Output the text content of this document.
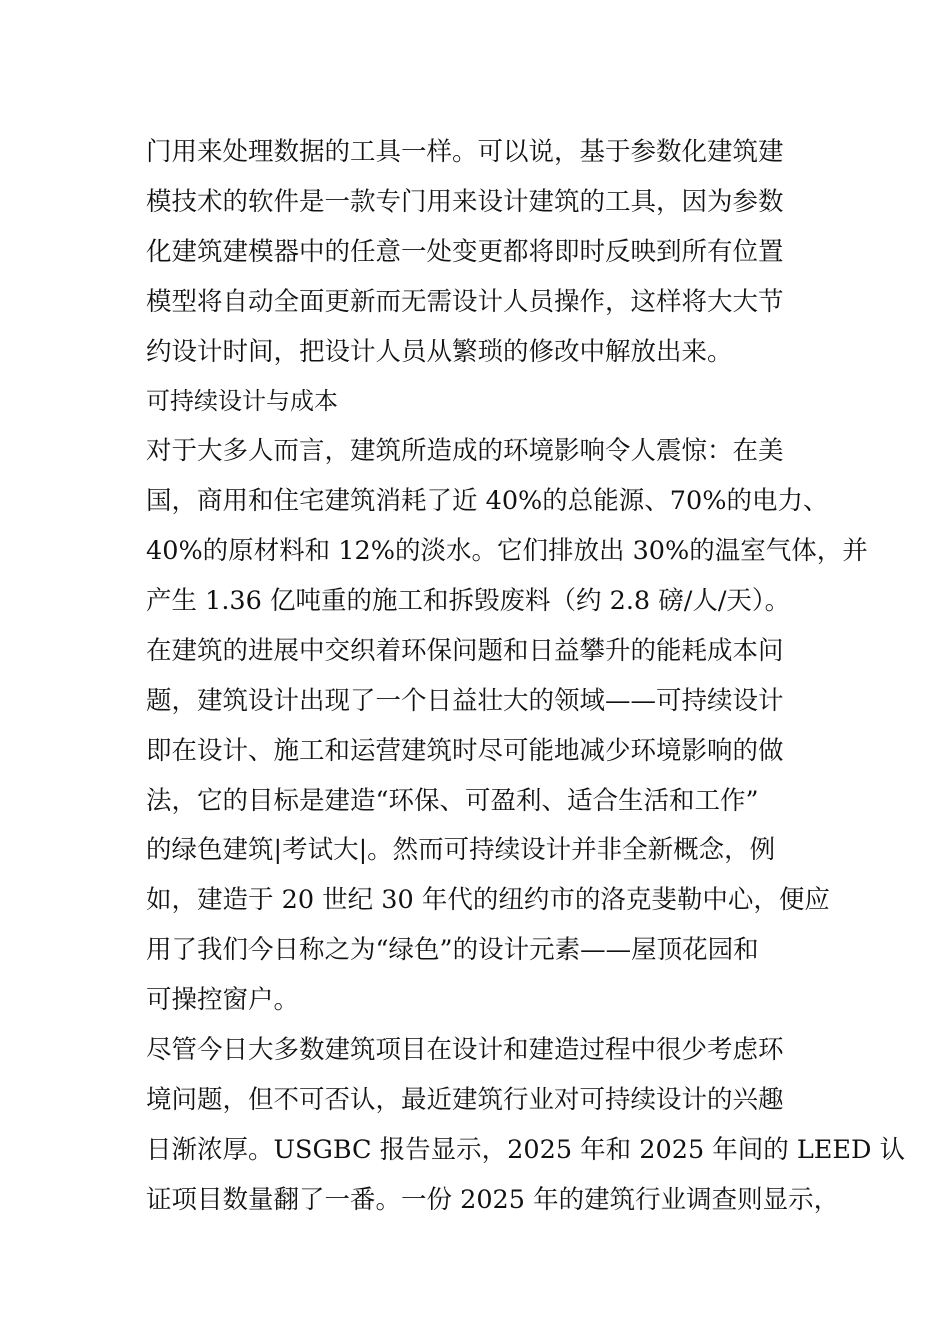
门用来处理数据的工具一样。可以说，基于参数化建筑建
模技术的软件是一款专门用来设计建筑的工具，因为参数
化建筑建模器中的任意一处变更都将即时反映到所有位置
模型将自动全面更新而无需设计人员操作，这样将大大节
约设计时间，把设计人员从繁琐的修改中解放出来。
可持续设计与成本
对于大多人而言，建筑所造成的环境影响令人震惊：在美
国，商用和住宅建筑消耗了近 40%的总能源、70%的电力、
40%的原材料和 12%的淡水。它们排放出 30%的温室气体，并
产生 1.36 亿吨重的施工和拆毁废料（约 2.8 磅/人/天）。
在建筑的进展中交织着环保问题和日益攀升的能耗成本问
题，建筑设计出现了一个日益壮大的领域——可持续设计
即在设计、施工和运营建筑时尽可能地减少环境影响的做
法，它的目标是建造“环保、可盈利、适合生活和工作”
的绿色建筑|考试大|。然而可持续设计并非全新概念，例
如，建造于 20 世纪 30 年代的纽约市的洛克斐勒中心，便应
用了我们今日称之为“绿色”的设计元素——屋顶花园和
可操控窗户。
尽管今日大多数建筑项目在设计和建造过程中很少考虑环
境问题，但不可否认，最近建筑行业对可持续设计的兴趣
日渐浓厚。USGBC 报告显示，2025 年和 2025 年间的 LEED 认
证项目数量翻了一番。一份 2025 年的建筑行业调查则显示，
